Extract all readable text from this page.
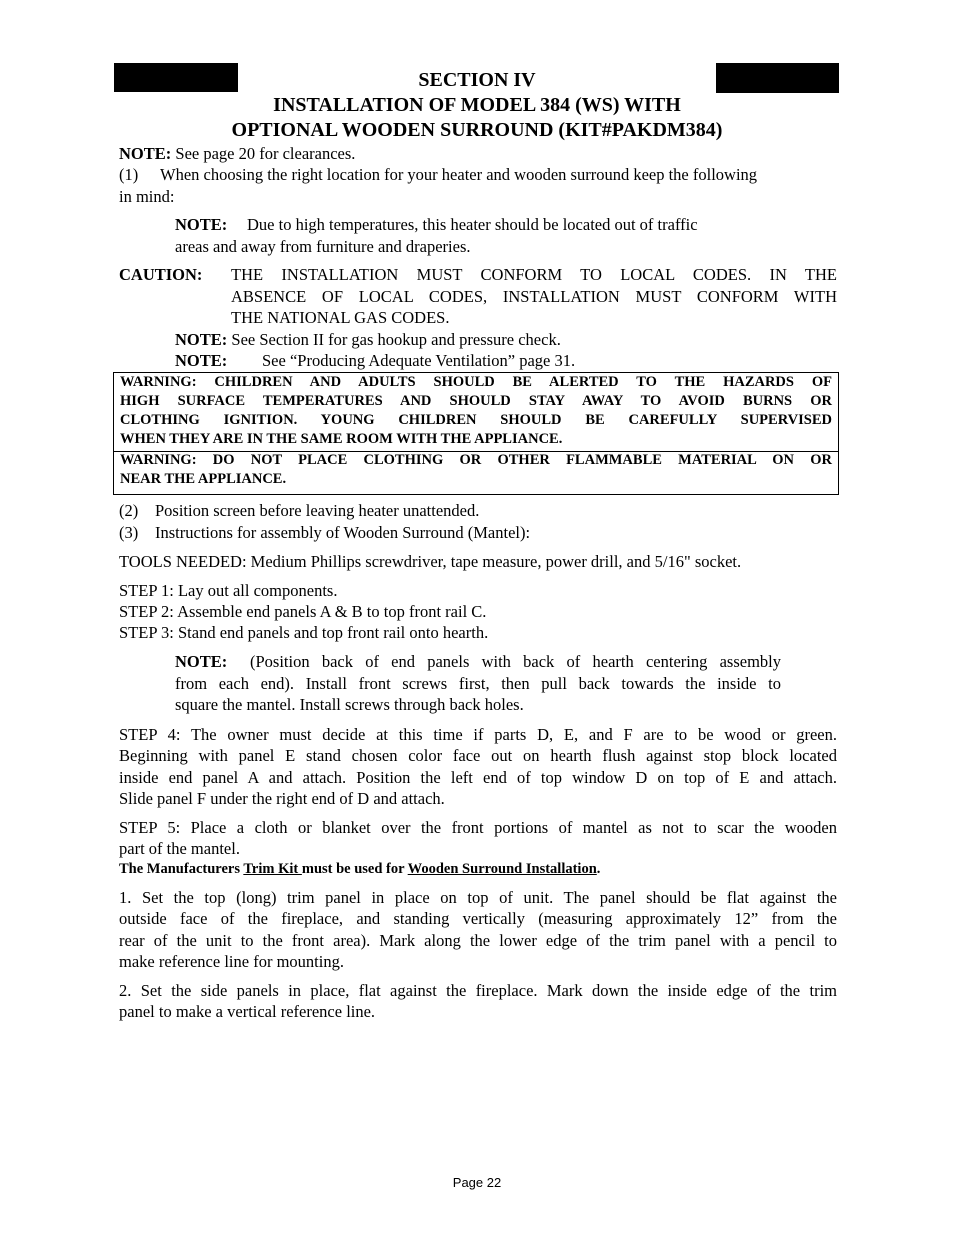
SECTION IV
INSTALLATION OF MODEL 384 (WS) WITH
OPTIONAL WOODEN SURROUND (KIT#PAKDM384)
NOTE: See page 20 for clearances.
(1) When choosing the right location for your heater and wooden surround keep the following
in mind:
NOTE: Due to high temperatures, this heater should be located out of traffic
areas and away from furniture and draperies.
CAUTION: THE INSTALLATION MUST CONFORM TO LOCAL CODES. IN THE
ABSENCE OF LOCAL CODES, INSTALLATION MUST CONFORM WITH
THE NATIONAL GAS CODES.
NOTE: See Section II for gas hookup and pressure check.
NOTE: See “Producing Adequate Ventilation” page 31.
WARNING: CHILDREN AND ADULTS SHOULD BE ALERTED TO THE HAZARDS OF
HIGH SURFACE TEMPERATURES AND SHOULD STAY AWAY TO AVOID BURNS OR
CLOTHING IGNITION. YOUNG CHILDREN SHOULD BE CAREFULLY SUPERVISED
WHEN THEY ARE IN THE SAME ROOM WITH THE APPLIANCE.
WARNING: DO NOT PLACE CLOTHING OR OTHER FLAMMABLE MATERIAL ON OR
NEAR THE APPLIANCE.
(2) Position screen before leaving heater unattended.
(3) Instructions for assembly of Wooden Surround (Mantel):
TOOLS NEEDED: Medium Phillips screwdriver, tape measure, power drill, and 5/16" socket.
STEP 1: Lay out all components.
STEP 2: Assemble end panels A & B to top front rail C.
STEP 3: Stand end panels and top front rail onto hearth.
NOTE: (Position back of end panels with back of hearth centering assembly
from each end). Install front screws first, then pull back towards the inside to
square the mantel. Install screws through back holes.
STEP 4: The owner must decide at this time if parts D, E, and F are to be wood or green.
Beginning with panel E stand chosen color face out on hearth flush against stop block located
inside end panel A and attach. Position the left end of top window D on top of E and attach.
Slide panel F under the right end of D and attach.
STEP 5: Place a cloth or blanket over the front portions of mantel as not to scar the wooden
part of the mantel.
The Manufacturers Trim Kit must be used for Wooden Surround Installation.
1. Set the top (long) trim panel in place on top of unit. The panel should be flat against the
outside face of the fireplace, and standing vertically (measuring approximately 12” from the
rear of the unit to the front area). Mark along the lower edge of the trim panel with a pencil to
make reference line for mounting.
2. Set the side panels in place, flat against the fireplace. Mark down the inside edge of the trim
panel to make a vertical reference line.
Page 22
